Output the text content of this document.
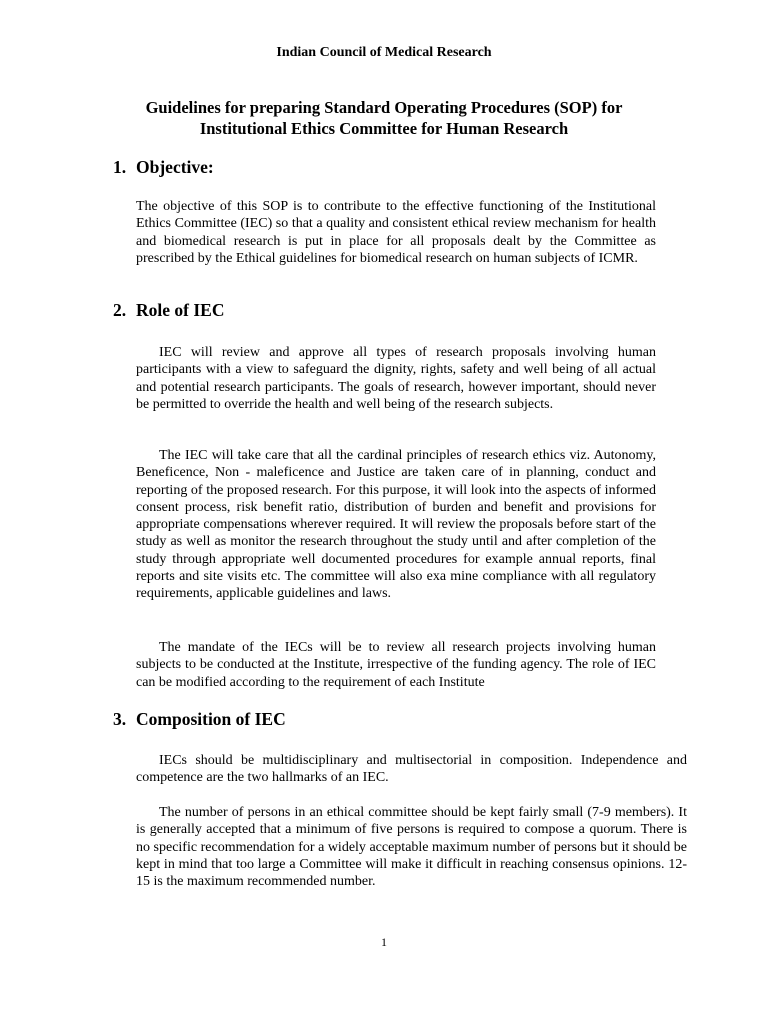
Indian Council of Medical Research
Guidelines for preparing Standard Operating Procedures (SOP) for
Institutional Ethics Committee for Human Research
1. Objective:

The objective of this SOP is to contribute to the effective functioning of the Institutional Ethics Committee (IEC) so that a quality and consistent ethical review mechanism for health and biomedical research is put in place for all proposals dealt by the Committee as prescribed by the Ethical guidelines for biomedical research on human subjects of ICMR.

2. Role of IEC

IEC will review and approve all types of research proposals involving human participants with a view to safeguard the dignity, rights, safety and well being of all actual and potential research participants. The goals of research, however important, should never be permitted to override the health and well being of the research subjects.

The IEC will take care that all the cardinal principles of research ethics viz. Autonomy, Beneficence, Non - maleficence and Justice are taken care of in planning, conduct and reporting of the proposed research. For this purpose, it will look into the aspects of informed consent process, risk benefit ratio, distribution of burden and benefit and provisions for appropriate compensations wherever required. It will review the proposals before start of the study as well as monitor the research throughout the study until and after completion of the study through appropriate well documented procedures for example annual reports, final reports and site visits etc. The committee will also exa mine compliance with all regulatory requirements, applicable guidelines and laws.

The mandate of the IECs will be to review all research projects involving human subjects to be conducted at the Institute, irrespective of the funding agency. The role of IEC can be modified according to the requirement of each Institute

3. Composition of IEC

IECs should be multidisciplinary and multisectorial in composition. Independence and competence are the two hallmarks of an IEC.

The number of persons in an ethical committee should be kept fairly small (7-9 members). It is generally accepted that a minimum of five persons is required to compose a quorum. There is no specific recommendation for a widely acceptable maximum number of persons but it should be kept in mind that too large a Committee will make it difficult in reaching consensus opinions. 12-15 is the maximum recommended number.

1
